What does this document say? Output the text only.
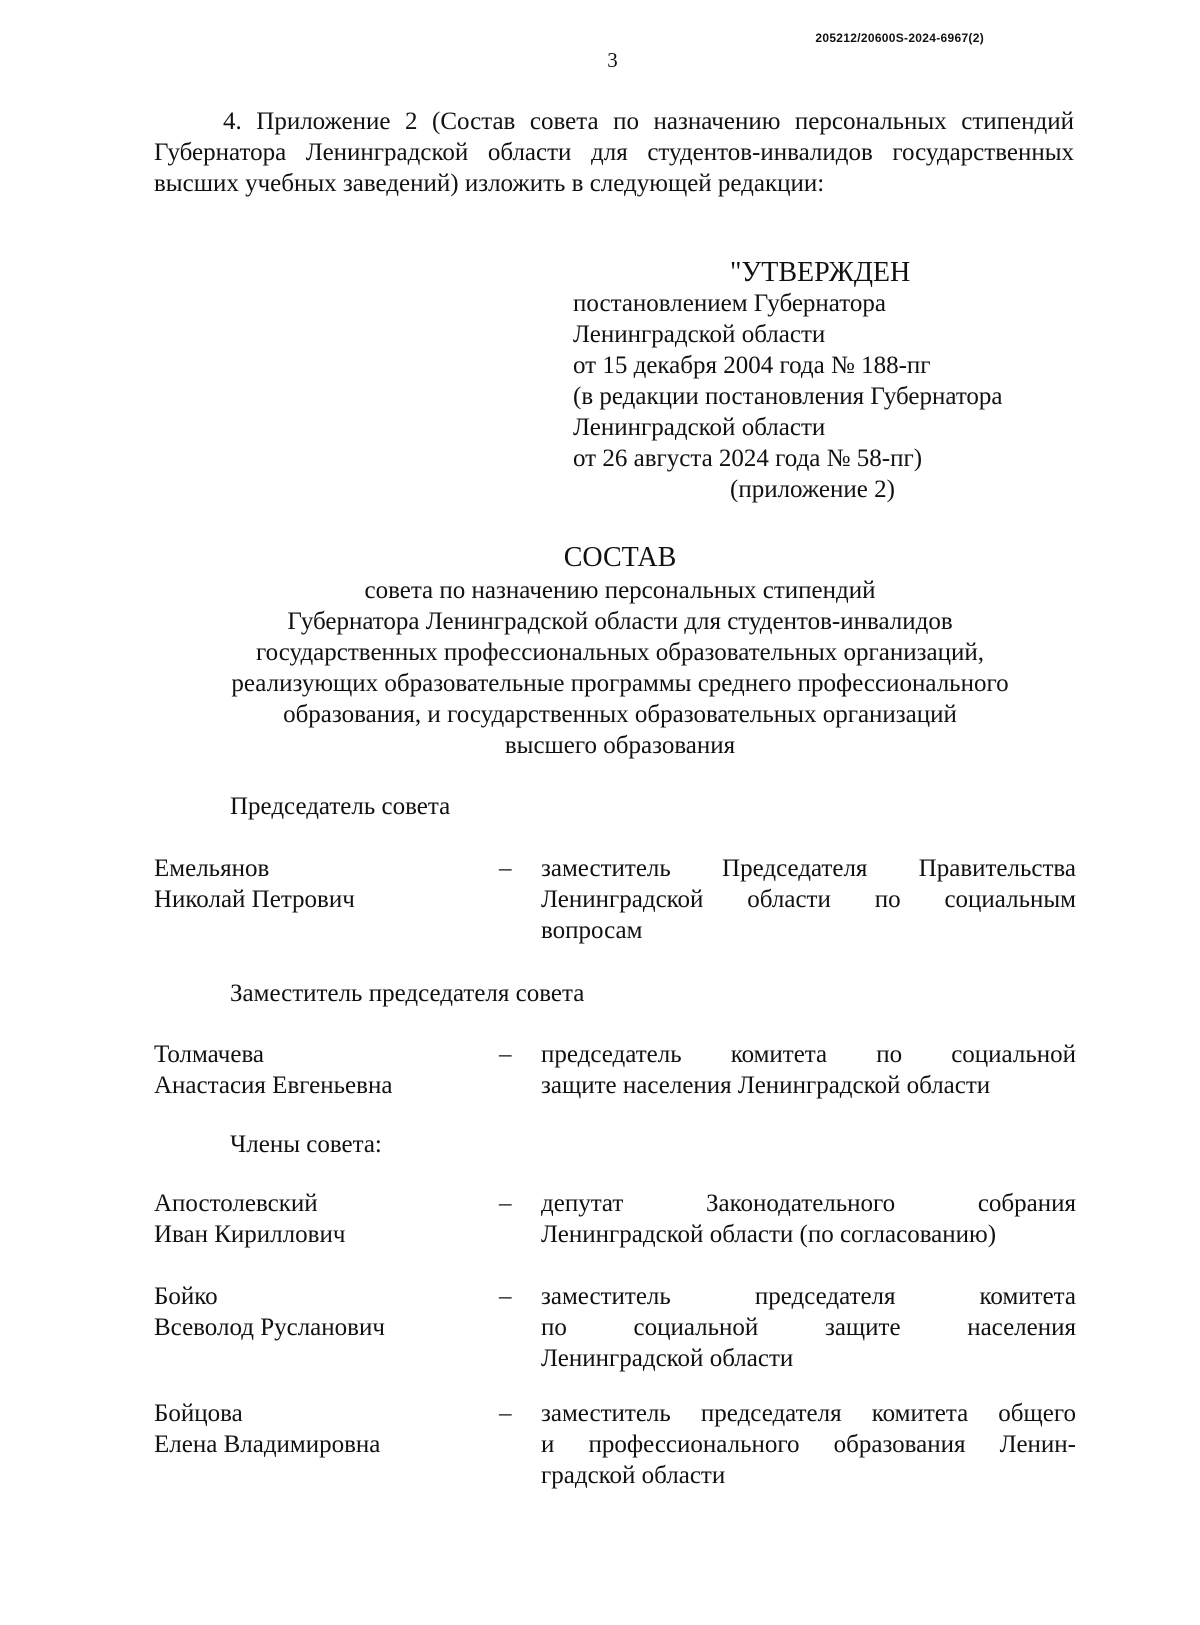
205212/20600S-2024-6967(2)
3
4. Приложение 2 (Состав совета по назначению персональных стипендий Губернатора Ленинградской области для студентов-инвалидов государственных высших учебных заведений) изложить в следующей редакции:
"УТВЕРЖДЕН
постановлением Губернатора
Ленинградской области
от 15 декабря 2004 года № 188-пг
(в редакции постановления Губернатора
Ленинградской области
от 26 августа 2024 года № 58-пг)
(приложение 2)
СОСТАВ
совета по назначению персональных стипендий
Губернатора Ленинградской области для студентов-инвалидов
государственных профессиональных образовательных организаций,
реализующих образовательные программы среднего профессионального
образования, и государственных образовательных организаций
высшего образования
Председатель совета
Емельянов
Николай Петрович
– заместитель Председателя Правительства
Ленинградской области по социальным
вопросам
Заместитель председателя совета
Толмачева
Анастасия Евгеньевна
– председатель комитета по социальной
защите населения Ленинградской области
Члены совета:
Апостолевский
Иван Кириллович
– депутат Законодательного собрания
Ленинградской области (по согласованию)
Бойко
Всеволод Русланович
– заместитель председателя комитета
по социальной защите населения
Ленинградской области
Бойцова
Елена Владимировна
– заместитель председателя комитета общего
и профессионального образования Ленин-
градской области
